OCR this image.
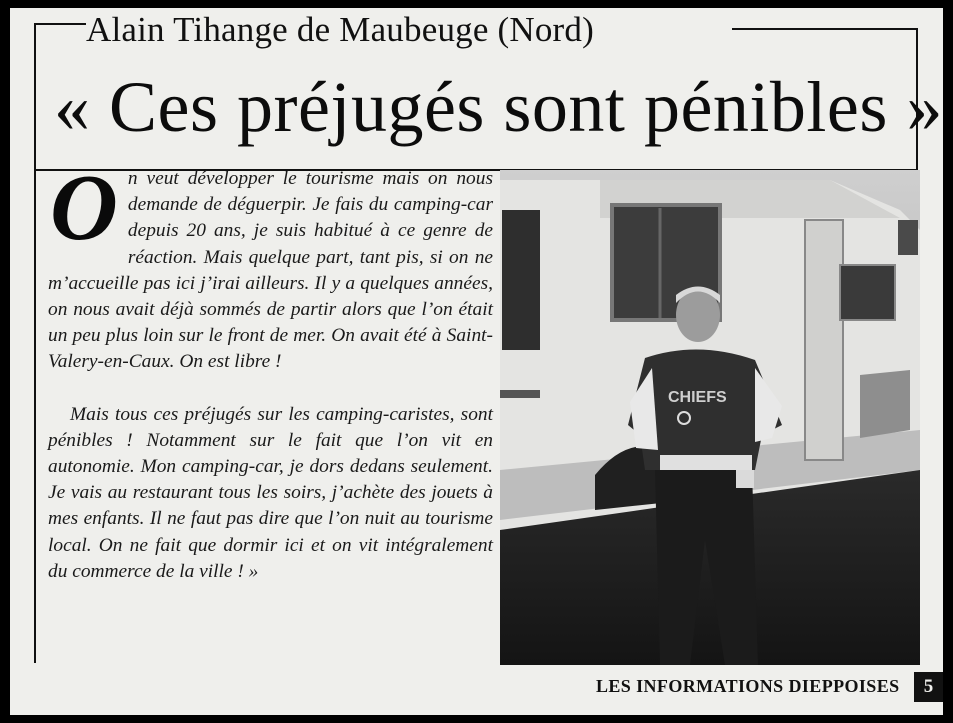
Alain Tihange de Maubeuge (Nord)
« Ces préjugés sont pénibles »

On veut développer le tourisme mais on nous demande de déguerpir. Je fais du camping-car depuis 20 ans, je suis habitué à ce genre de réaction. Mais quelque part, tant pis, si on ne m’accueille pas ici j’irai ailleurs. Il y a quelques années, on nous avait déjà sommés de partir alors que l’on était un peu plus loin sur le front de mer. On avait été à Saint-Valery-en-Caux. On est libre !

Mais tous ces préjugés sur les camping-caristes, sont pénibles ! Notamment sur le fait que l’on vit en autonomie. Mon camping-car, je dors dedans seulement. Je vais au restaurant tous les soirs, j’achète des jouets à mes enfants. Il ne faut pas dire que l’on nuit au tourisme local. On ne fait que dormir ici et on vit intégralement du commerce de la ville ! »

CHIEFS
LES INFORMATIONS DIEPPOISES	5
